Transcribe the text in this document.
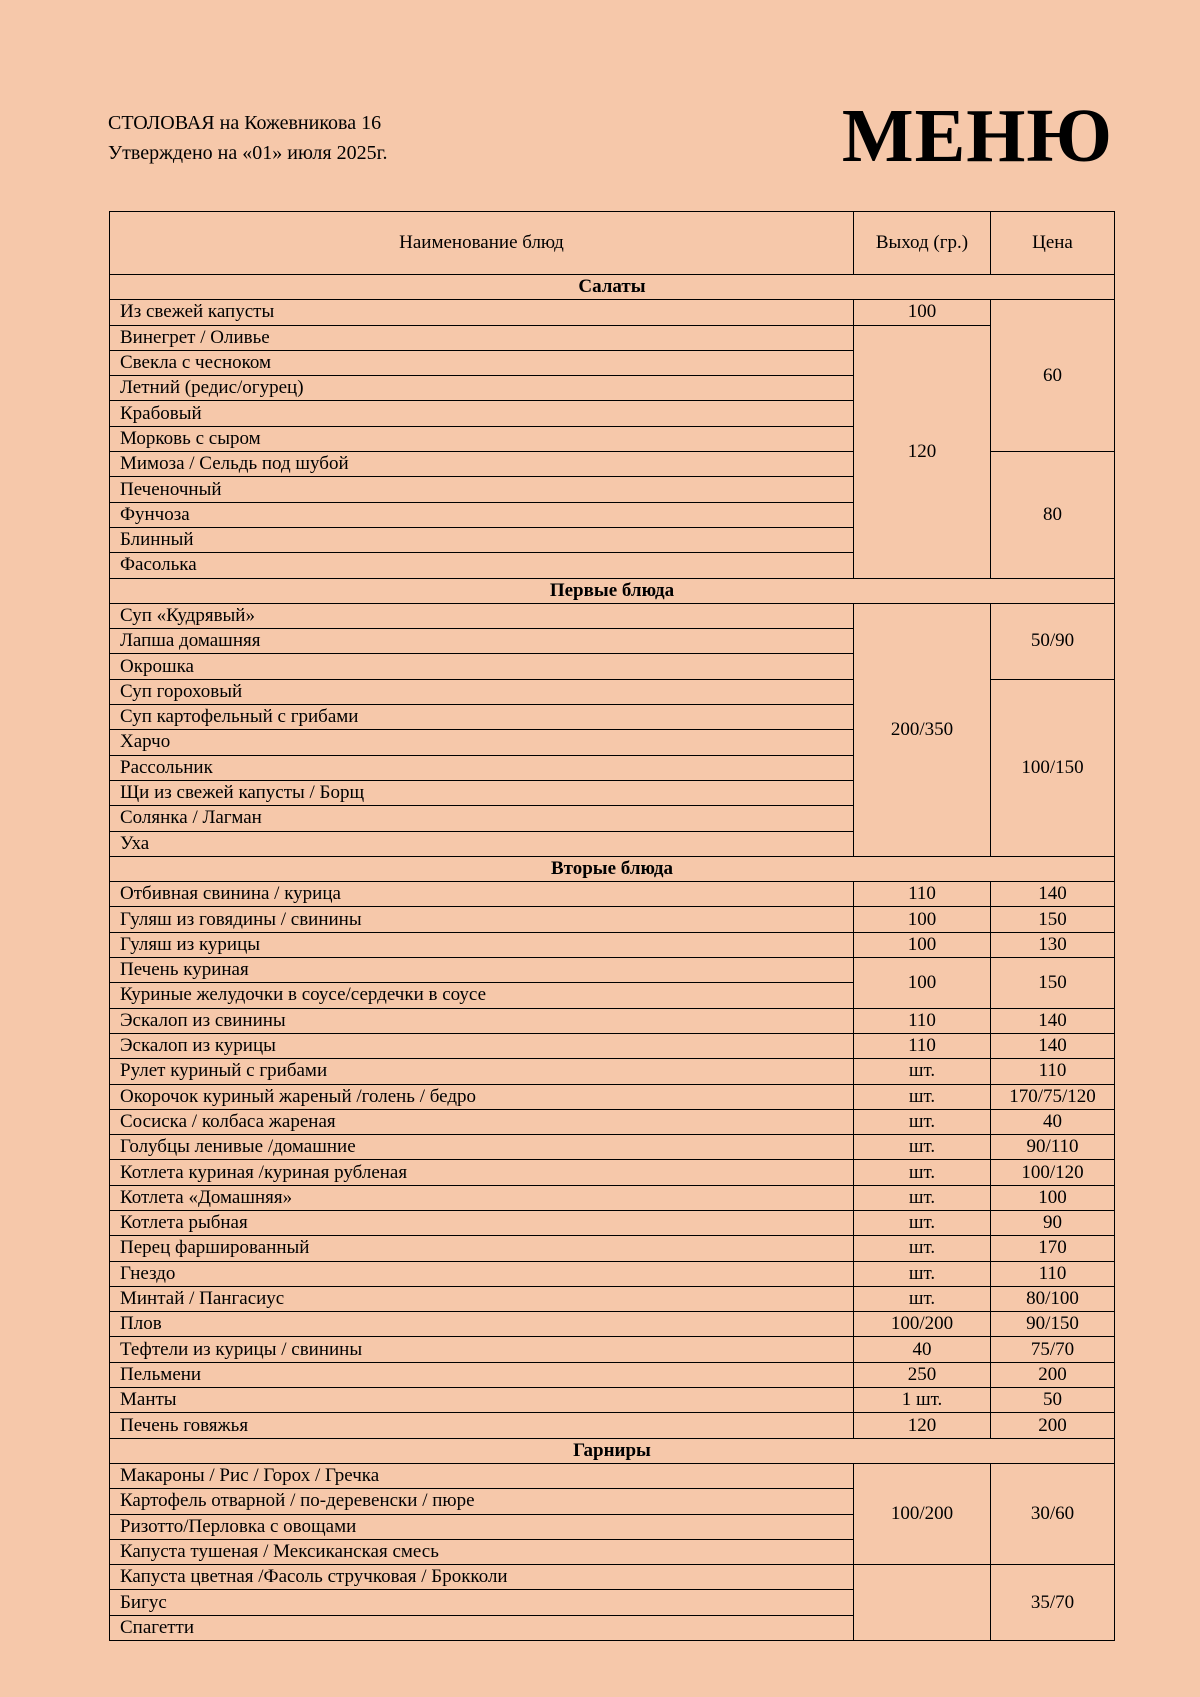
СТОЛОВАЯ на Кожевникова 16
Утверждено на «01» июля 2025г.	МЕНЮ
Наименование блюд	Выход (гр.)	Цена
Салаты		
Из свежей капусты	100	60
Винегрет / Оливье	120	
Свекла с чесноком		
Летний (редис/огурец)		
Крабовый		
Морковь с сыром		
Мимоза / Сельдь под шубой		80
Печеночный		
Фунчоза		
Блинный		
Фасолька		
Первые блюда		
Суп «Кудрявый»	200/350	50/90
Лапша домашняя		
Окрошка		
Суп гороховый		100/150
Суп картофельный с грибами		
Харчо		
Рассольник		
Щи из свежей капусты / Борщ		
Солянка / Лагман		
Уха		
Вторые блюда		
Отбивная свинина / курица	110	140
Гуляш из говядины / свинины	100	150
Гуляш из курицы	100	130
Печень куриная	100	150
Куриные желудочки в соусе/сердечки в соусе		
Эскалоп из свинины	110	140
Эскалоп из курицы	110	140
Рулет куриный с грибами	шт.	110
Окорочок куриный жареный /голень / бедро	шт.	170/75/120
Сосиска / колбаса жареная	шт.	40
Голубцы ленивые /домашние	шт.	90/110
Котлета куриная /куриная рубленая	шт.	100/120
Котлета «Домашняя»	шт.	100
Котлета рыбная	шт.	90
Перец фаршированный	шт.	170
Гнездо	шт.	110
Минтай / Пангасиус	шт.	80/100
Плов	100/200	90/150
Тефтели из курицы / свинины	40	75/70
Пельмени	250	200
Манты	1 шт.	50
Печень говяжья	120	200
Гарниры		
Макароны / Рис / Горох / Гречка	100/200	30/60
Картофель отварной / по-деревенски / пюре		
Ризотто/Перловка с овощами		
Капуста тушеная / Мексиканская смесь		
Капуста цветная /Фасоль стручковая / Брокколи		35/70
Бигус		
Спагетти		
